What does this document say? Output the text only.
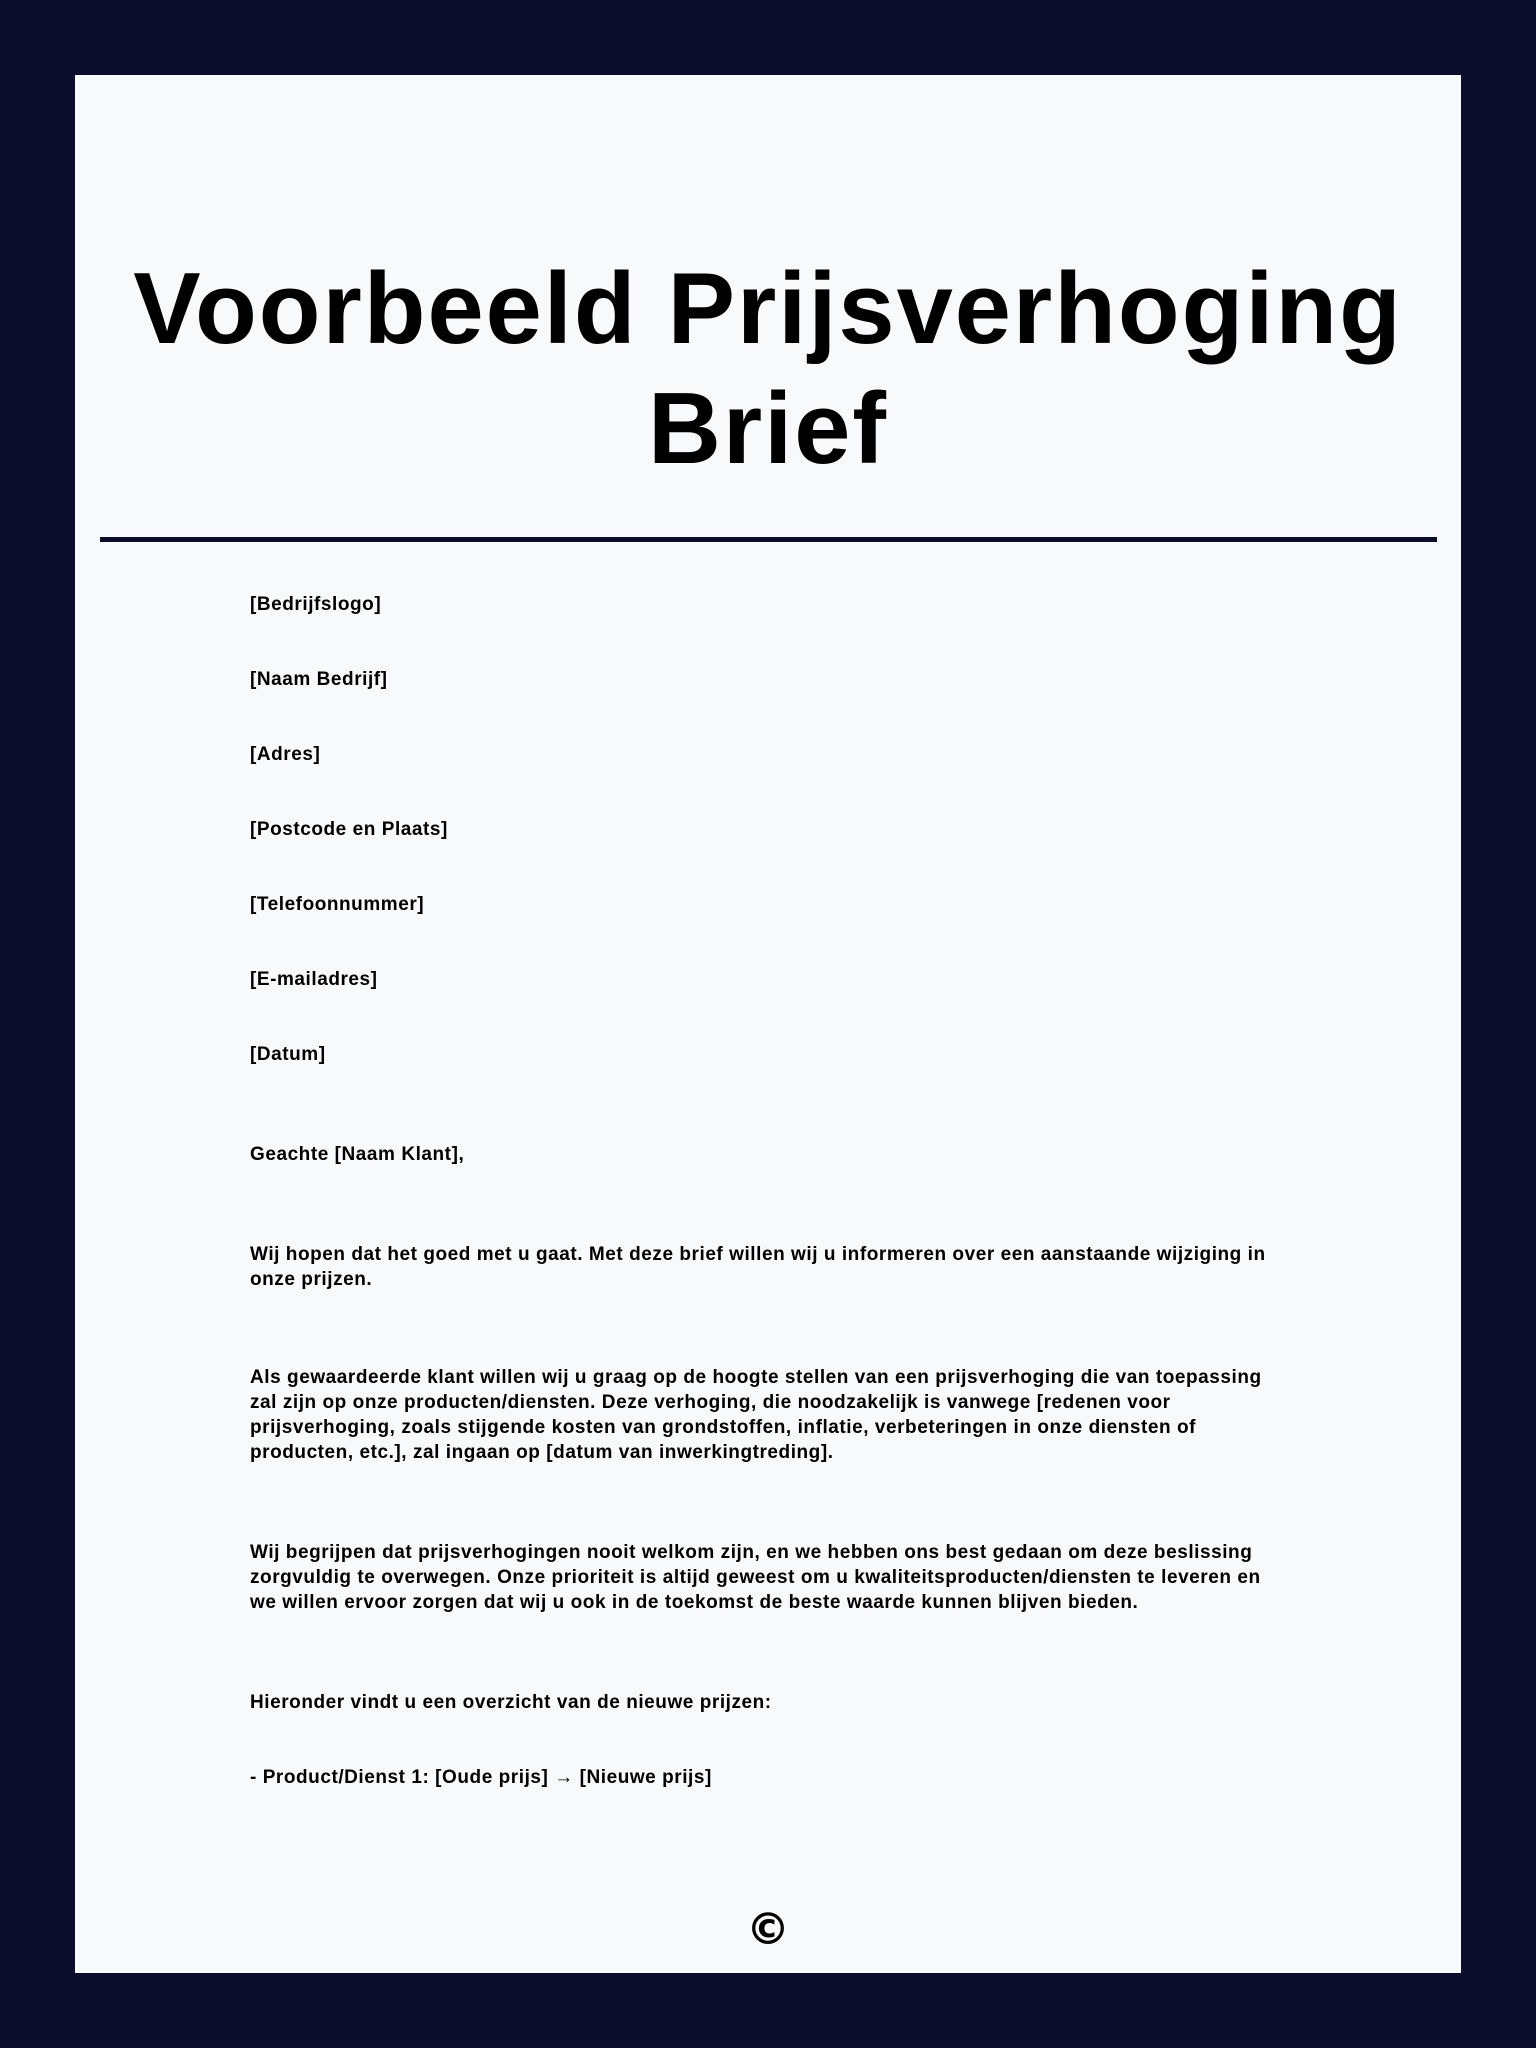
Voorbeeld Prijsverhoging
Brief

[Bedrijfslogo]

[Naam Bedrijf]

[Adres]

[Postcode en Plaats]

[Telefoonnummer]

[E-mailadres]

[Datum]

Geachte [Naam Klant],

Wij hopen dat het goed met u gaat. Met deze brief willen wij u informeren over een aanstaande wijziging in
onze prijzen.
Als gewaardeerde klant willen wij u graag op de hoogte stellen van een prijsverhoging die van toepassing
zal zijn op onze producten/diensten. Deze verhoging, die noodzakelijk is vanwege [redenen voor
prijsverhoging, zoals stijgende kosten van grondstoffen, inflatie, verbeteringen in onze diensten of
producten, etc.], zal ingaan op [datum van inwerkingtreding].
Wij begrijpen dat prijsverhogingen nooit welkom zijn, en we hebben ons best gedaan om deze beslissing
zorgvuldig te overwegen. Onze prioriteit is altijd geweest om u kwaliteitsproducten/diensten te leveren en
we willen ervoor zorgen dat wij u ook in de toekomst de beste waarde kunnen blijven bieden.

Hieronder vindt u een overzicht van de nieuwe prijzen:

- Product/Dienst 1: [Oude prijs] → [Nieuwe prijs]

©
